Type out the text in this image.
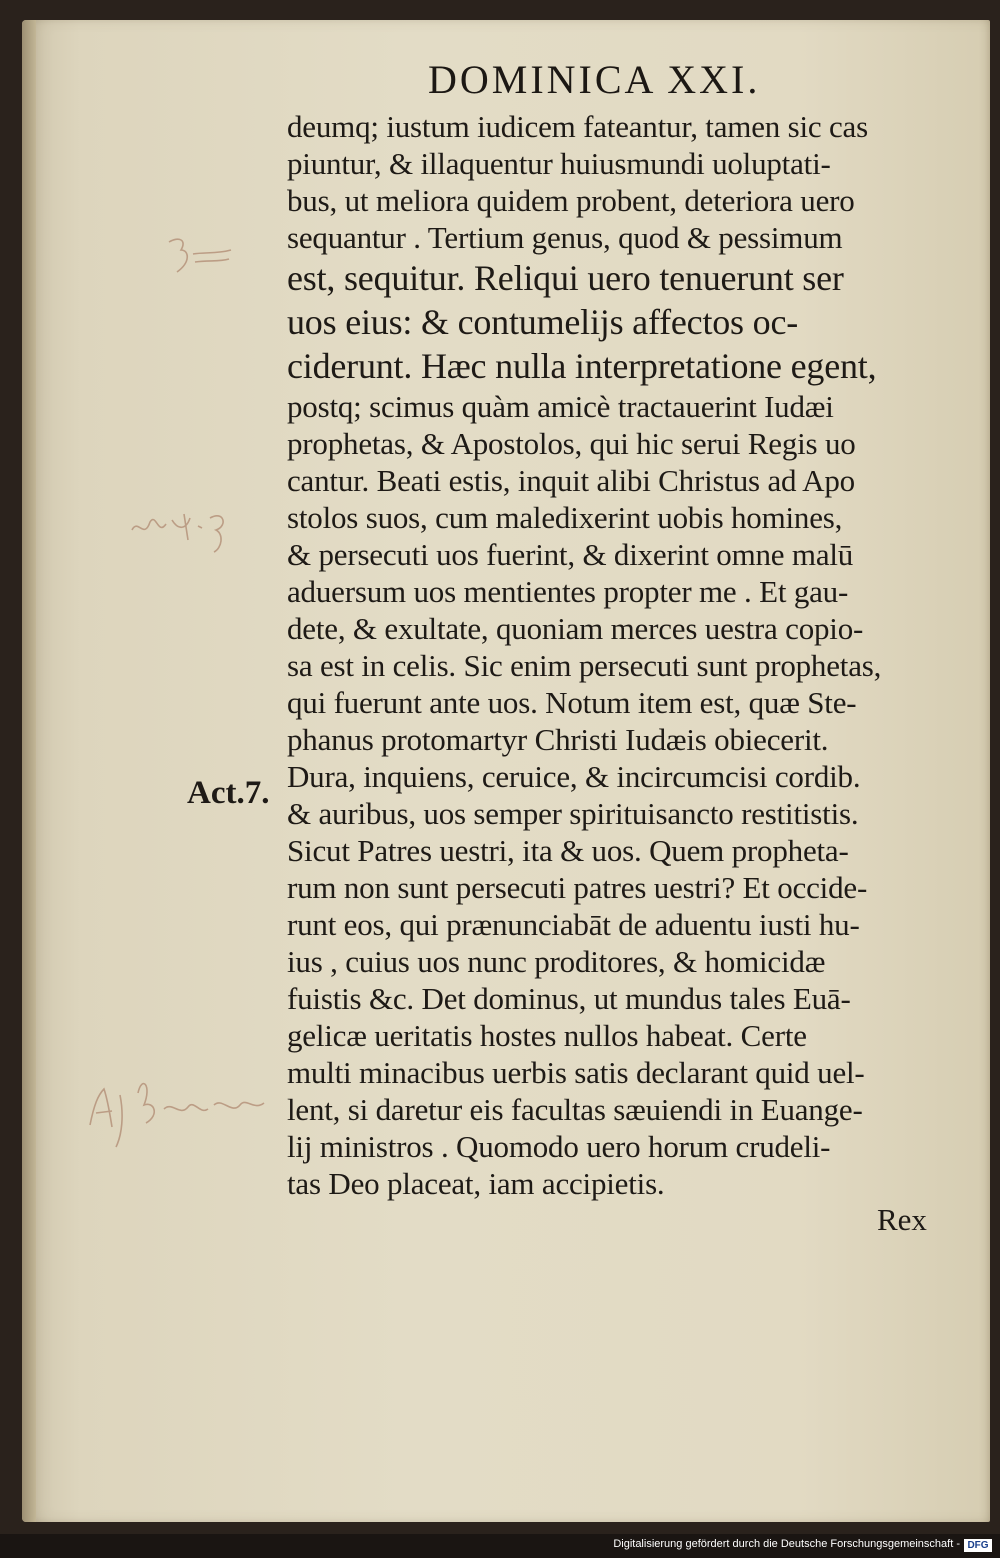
DOMINICA XXI.
deumq; iustum iudicem fateantur, tamen sic cas
piuntur, & illaquentur huiusmundi uoluptati-
bus, ut meliora quidem probent, deteriora uero
sequantur . Tertium genus, quod & pessimum
est, sequitur. Reliqui uero tenuerunt ser
uos eius: & contumelijs affectos oc-
ciderunt. Hæc nulla interpretatione egent,
postq; scimus quàm amicè tractauerint Iudæi
prophetas, & Apostolos, qui hic serui Regis uo
cantur. Beati estis, inquit alibi Christus ad Apo
stolos suos, cum maledixerint uobis homines,
& persecuti uos fuerint, & dixerint omne malū
aduersum uos mentientes propter me . Et gau-
dete, & exultate, quoniam merces uestra copio-
sa est in celis. Sic enim persecuti sunt prophetas,
qui fuerunt ante uos. Notum item est, quæ Ste-
phanus protomartyr Christi Iudæis obiecerit.
Dura, inquiens, ceruice, & incircumcisi cordib.
& auribus, uos semper spirituisancto restitistis.
Sicut Patres uestri, ita & uos. Quem propheta-
rum non sunt persecuti patres uestri? Et occide-
runt eos, qui prænunciabāt de aduentu iusti hu-
ius , cuius uos nunc proditores, & homicidæ
fuistis &c. Det dominus, ut mundus tales Euā-
gelicæ ueritatis hostes nullos habeat. Certe
multi minacibus uerbis satis declarant quid uel-
lent, si daretur eis facultas sæuiendi in Euange-
lij ministros . Quomodo uero horum crudeli-
tas Deo placeat, iam accipietis.
Act.7.
Rex
Digitalisierung gefördert durch die Deutsche Forschungsgemeinschaft - DFG
